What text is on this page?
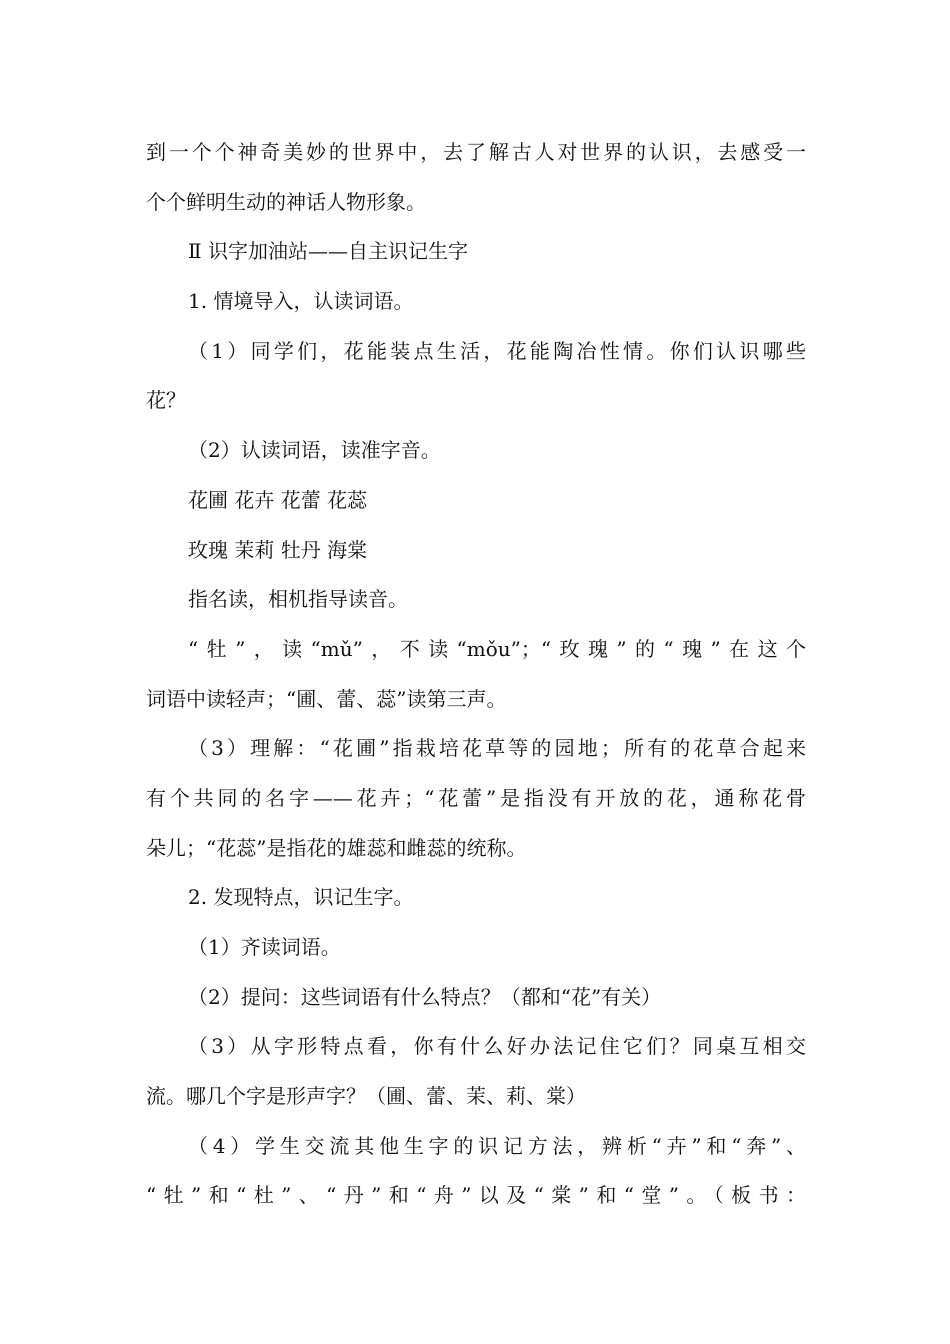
到一个个神奇美妙的世界中，去了解古人对世界的认识，去感受一
个个鲜明生动的神话人物形象。
Ⅱ 识字加油站——自主识记生字
1. 情境导入，认读词语。
（1）同学们，花能装点生活，花能陶冶性情。你们认识哪些
花？
（2）认读词语，读准字音。
花圃 花卉 花蕾 花蕊
玫瑰 茉莉 牡丹 海棠
指名读，相机指导读音。
“牡”，读“mǔ”，不读“mǒu”；“玫瑰”的“瑰”在这个
词语中读轻声；“圃、蕾、蕊”读第三声。
（3）理解：“花圃”指栽培花草等的园地；所有的花草合起来
有个共同的名字——花卉；“花蕾”是指没有开放的花，通称花骨
朵儿；“花蕊”是指花的雄蕊和雌蕊的统称。
2. 发现特点，识记生字。
（1）齐读词语。
（2）提问：这些词语有什么特点？（都和“花”有关）
（3）从字形特点看，你有什么好办法记住它们？同桌互相交
流。哪几个字是形声字？（圃、蕾、茉、莉、棠）
（4）学生交流其他生字的识记方法，辨析“卉”和“奔”、
“牡”和“杜”、“丹”和“舟”以及“棠”和“堂”。（板书：
